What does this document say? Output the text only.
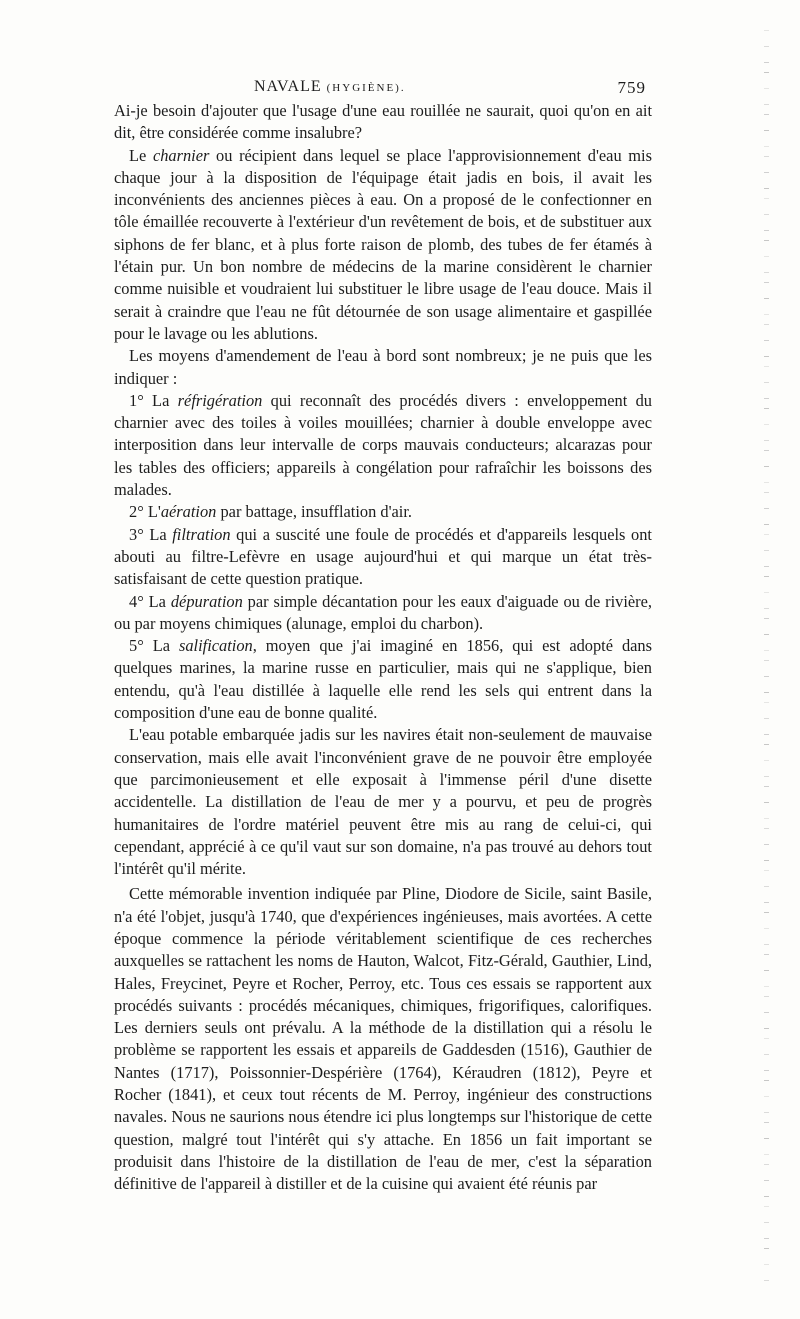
NAVALE (HYGIÈNE).	759

Ai-je besoin d'ajouter que l'usage d'une eau rouillée ne saurait, quoi qu'on en ait dit, être considérée comme insalubre?

Le charnier ou récipient dans lequel se place l'approvisionnement d'eau mis chaque jour à la disposition de l'équipage était jadis en bois, il avait les inconvénients des anciennes pièces à eau. On a proposé de le confectionner en tôle émaillée recouverte à l'extérieur d'un revêtement de bois, et de substituer aux siphons de fer blanc, et à plus forte raison de plomb, des tubes de fer étamés à l'étain pur. Un bon nombre de médecins de la marine considèrent le charnier comme nuisible et voudraient lui substituer le libre usage de l'eau douce. Mais il serait à craindre que l'eau ne fût détournée de son usage alimentaire et gaspillée pour le lavage ou les ablutions.

Les moyens d'amendement de l'eau à bord sont nombreux; je ne puis que les indiquer :

1° La réfrigération qui reconnaît des procédés divers : enveloppement du charnier avec des toiles à voiles mouillées; charnier à double enveloppe avec interposition dans leur intervalle de corps mauvais conducteurs; alcarazas pour les tables des officiers; appareils à congélation pour rafraîchir les boissons des malades.

2° L'aération par battage, insufflation d'air.

3° La filtration qui a suscité une foule de procédés et d'appareils lesquels ont abouti au filtre-Lefèvre en usage aujourd'hui et qui marque un état très-satisfaisant de cette question pratique.

4° La dépuration par simple décantation pour les eaux d'aiguade ou de rivière, ou par moyens chimiques (alunage, emploi du charbon).

5° La salification, moyen que j'ai imaginé en 1856, qui est adopté dans quelques marines, la marine russe en particulier, mais qui ne s'applique, bien entendu, qu'à l'eau distillée à laquelle elle rend les sels qui entrent dans la composition d'une eau de bonne qualité.

L'eau potable embarquée jadis sur les navires était non-seulement de mauvaise conservation, mais elle avait l'inconvénient grave de ne pouvoir être employée que parcimonieusement et elle exposait à l'immense péril d'une disette accidentelle. La distillation de l'eau de mer y a pourvu, et peu de progrès humanitaires de l'ordre matériel peuvent être mis au rang de celui-ci, qui cependant, apprécié à ce qu'il vaut sur son domaine, n'a pas trouvé au dehors tout l'intérêt qu'il mérite.

Cette mémorable invention indiquée par Pline, Diodore de Sicile, saint Basile, n'a été l'objet, jusqu'à 1740, que d'expériences ingénieuses, mais avortées. A cette époque commence la période véritablement scientifique de ces recherches auxquelles se rattachent les noms de Hauton, Walcot, Fitz-Gérald, Gauthier, Lind, Hales, Freycinet, Peyre et Rocher, Perroy, etc. Tous ces essais se rapportent aux procédés suivants : procédés mécaniques, chimiques, frigorifiques, calorifiques. Les derniers seuls ont prévalu. A la méthode de la distillation qui a résolu le problème se rapportent les essais et appareils de Gaddesden (1516), Gauthier de Nantes (1717), Poissonnier-Despérière (1764), Kéraudren (1812), Peyre et Rocher (1841), et ceux tout récents de M. Perroy, ingénieur des constructions navales. Nous ne saurions nous étendre ici plus longtemps sur l'historique de cette question, malgré tout l'intérêt qui s'y attache. En 1856 un fait important se produisit dans l'histoire de la distillation de l'eau de mer, c'est la séparation définitive de l'appareil à distiller et de la cuisine qui avaient été réunis par
